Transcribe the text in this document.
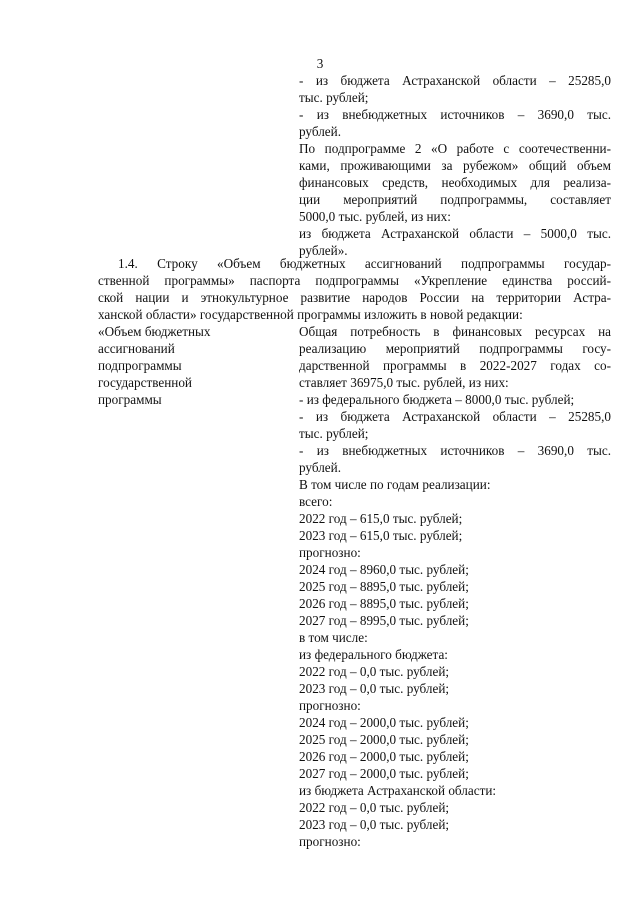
3
- из бюджета Астраханской области – 25285,0
тыс. рублей;
- из внебюджетных источников – 3690,0 тыс.
рублей.
По подпрограмме 2 «О работе с соотечественни-
ками, проживающими за рубежом» общий объем
финансовых средств, необходимых для реализа-
ции мероприятий подпрограммы, составляет
5000,0 тыс. рублей, из них:
из бюджета Астраханской области – 5000,0 тыс.
рублей».
1.4. Строку «Объем бюджетных ассигнований подпрограммы государ-
ственной программы» паспорта подпрограммы «Укрепление единства россий-
ской нации и этнокультурное развитие народов России на территории Астра-
ханской области» государственной программы изложить в новой редакции:
«Объем бюджетных
ассигнований
подпрограммы
государственной
программы
Общая потребность в финансовых ресурсах на
реализацию мероприятий подпрограммы госу-
дарственной программы в 2022-2027 годах со-
ставляет 36975,0 тыс. рублей, из них:
- из федерального бюджета – 8000,0 тыс. рублей;
- из бюджета Астраханской области – 25285,0
тыс. рублей;
- из внебюджетных источников – 3690,0 тыс.
рублей.
В том числе по годам реализации:
всего:
2022 год – 615,0 тыс. рублей;
2023 год – 615,0 тыс. рублей;
прогнозно:
2024 год – 8960,0 тыс. рублей;
2025 год – 8895,0 тыс. рублей;
2026 год – 8895,0 тыс. рублей;
2027 год – 8995,0 тыс. рублей;
в том числе:
из федерального бюджета:
2022 год – 0,0 тыс. рублей;
2023 год – 0,0 тыс. рублей;
прогнозно:
2024 год – 2000,0 тыс. рублей;
2025 год – 2000,0 тыс. рублей;
2026 год – 2000,0 тыс. рублей;
2027 год – 2000,0 тыс. рублей;
из бюджета Астраханской области:
2022 год – 0,0 тыс. рублей;
2023 год – 0,0 тыс. рублей;
прогнозно:
